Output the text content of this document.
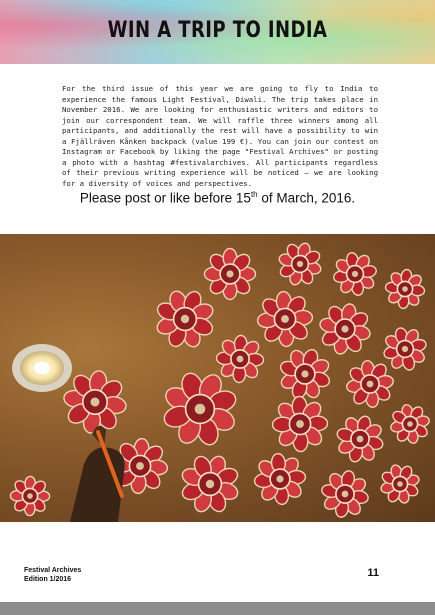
WIN A TRIP TO INDIA

For the third issue of this year we are going to fly to India to experience the famous Light Festival, Diwali. The trip takes place in November 2016. We are looking for enthusiastic writers and editors to join our correspondent team. We will raffle three winners among all participants, and additionally the rest will have a possibility to win a Fjällräven Kånken backpack (value 199 €). You can join our contest on Instagram or Facebook by liking the page "Festival Archives" or posting a photo with a hashtag #festivalarchives. All participants regardless of their previous writing experience will be noticed – we are looking for a diversity of voices and perspectives.

Please post or like before 15th of March, 2016.
Festival Archives
Edition 1/2016	11
